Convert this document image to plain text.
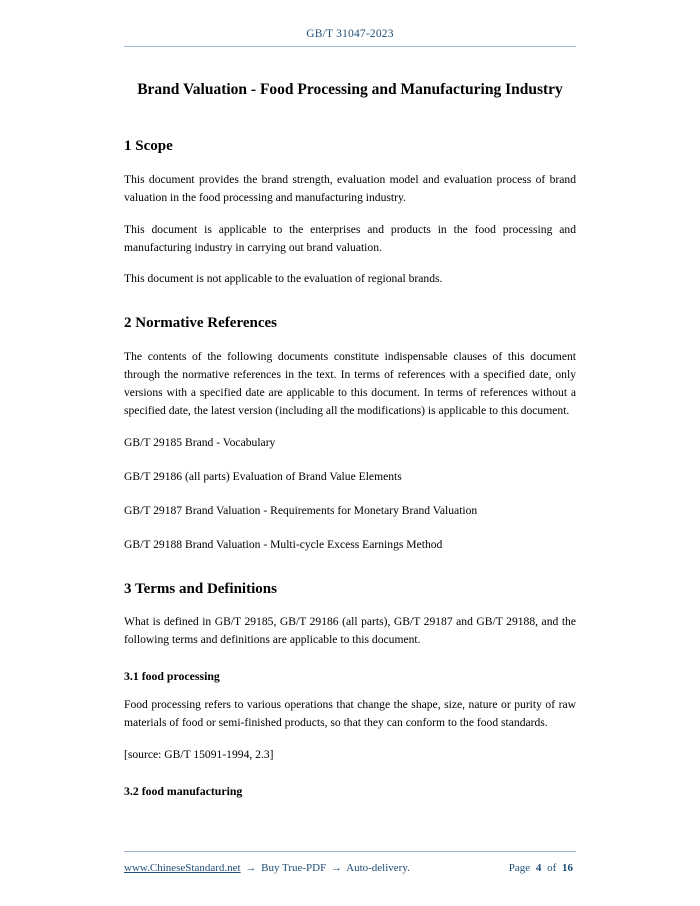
GB/T 31047-2023
Brand Valuation - Food Processing and Manufacturing Industry
1 Scope

This document provides the brand strength, evaluation model and evaluation process of brand valuation in the food processing and manufacturing industry.

This document is applicable to the enterprises and products in the food processing and manufacturing industry in carrying out brand valuation.

This document is not applicable to the evaluation of regional brands.

2 Normative References

The contents of the following documents constitute indispensable clauses of this document through the normative references in the text. In terms of references with a specified date, only versions with a specified date are applicable to this document. In terms of references without a specified date, the latest version (including all the modifications) is applicable to this document.

GB/T 29185 Brand - Vocabulary

GB/T 29186 (all parts) Evaluation of Brand Value Elements

GB/T 29187 Brand Valuation - Requirements for Monetary Brand Valuation

GB/T 29188 Brand Valuation - Multi-cycle Excess Earnings Method

3 Terms and Definitions

What is defined in GB/T 29185, GB/T 29186 (all parts), GB/T 29187 and GB/T 29188, and the following terms and definitions are applicable to this document.

3.1 food processing

Food processing refers to various operations that change the shape, size, nature or purity of raw materials of food or semi-finished products, so that they can conform to the food standards.

[source: GB/T 15091-1994, 2.3]

3.2 food manufacturing
www.ChineseStandard.net → Buy True-PDF → Auto-delivery.	Page 4 of 16
